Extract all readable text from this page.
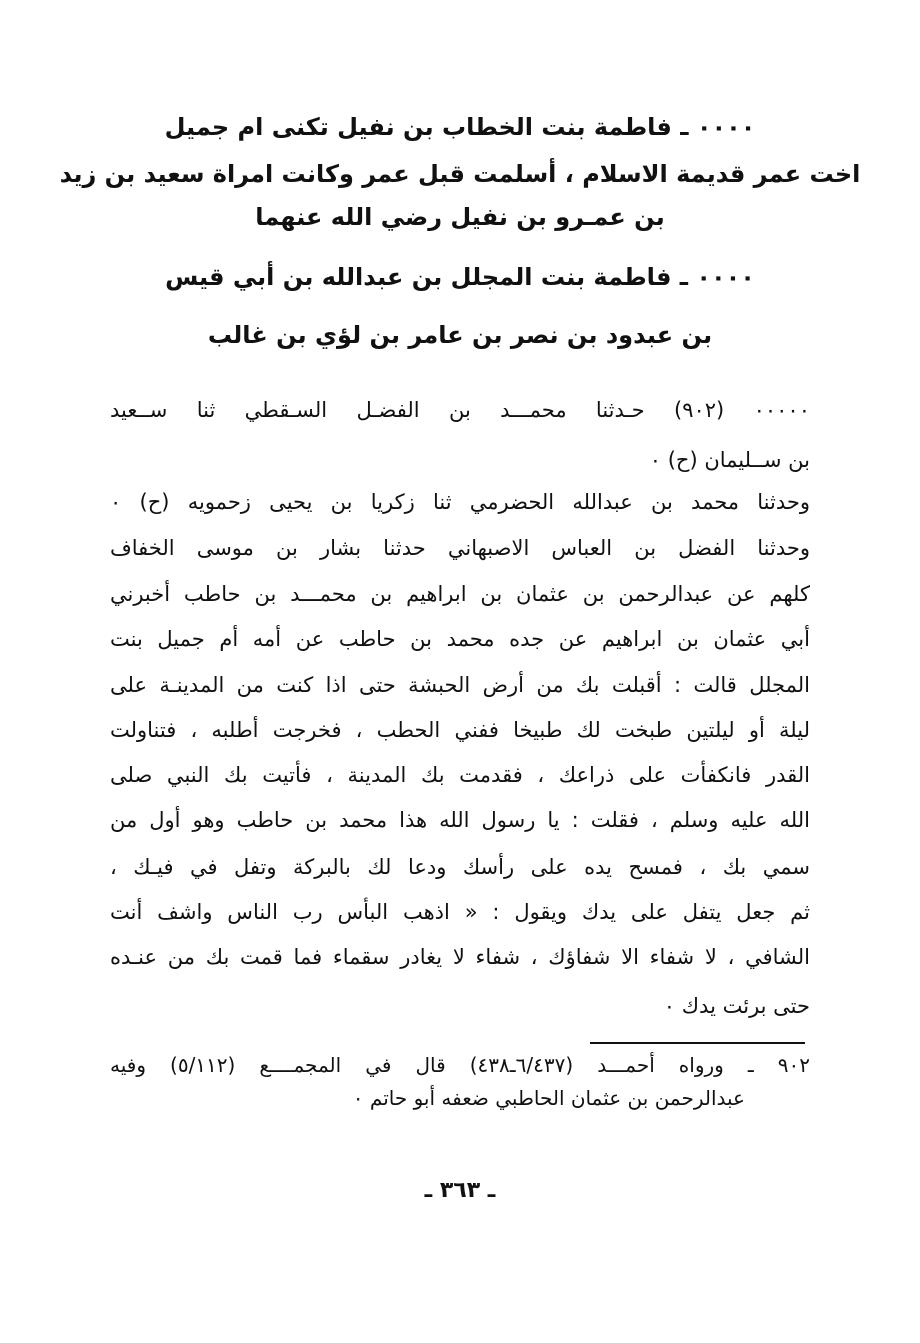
٠٠٠٠ ـ فاطمة بنت الخطاب بن نفيل تكنى ام جميل

اخت عمر قديمة الاسلام ، أسلمت قبل عمر وكانت امراة سعيد بن زيد

بن عمـرو بن نفيل رضي الله عنهما

٠٠٠٠ ـ فاطمة بنت المجلل بن عبدالله بن أبي قيس

بن عبدود بن نصر بن عامر بن لؤي بن غالب

٠٠٠٠٠ (٩٠٢) حـدثنا محمـــد بن الفضـل السـقطي ثنا ســعيد

بن ســليمان (ح) ٠

وحدثنا محمد بن عبدالله الحضرمي ثنا زكريا بن يحيى زحمويه (ح) ٠

وحدثنا الفضل بن العباس الاصبهاني حدثنا بشار بن موسى الخفاف

كلهم عن عبدالرحمن بن عثمان بن ابراهيم بن محمـــد بن حاطب أخبرني

أبي عثمان بن ابراهيم عن جده محمد بن حاطب عن أمه أم جميل بنت

المجلل قالت : أقبلت بك من أرض الحبشة حتى اذا كنت من المدينـة على

ليلة أو ليلتين طبخت لك طبيخا ففني الحطب ، فخرجت أطلبه ، فتناولت

القدر فانكفأت على ذراعك ، فقدمت بك المدينة ، فأتيت بك النبي صلى

الله عليه وسلم ، فقلت : يا رسول الله هذا محمد بن حاطب وهو أول من

سمي بك ، فمسح يده على رأسك ودعا لك بالبركة وتفل في فيـك ،

ثم جعل يتفل على يدك ويقول : « اذهب البأس رب الناس واشف أنت

الشافي ، لا شفاء الا شفاؤك ، شفاء لا يغادر سقماء فما قمت بك من عنـده

حتى برئت يدك ٠

٩٠٢ ـ ورواه أحمـــد (٦/٤٣٧ـ٤٣٨) قال في المجمــــع (٥/١١٢) وفيه

عبدالرحمن بن عثمان الحاطبي ضعفه أبو حاتم ٠

ـ ٣٦٣ ـ
